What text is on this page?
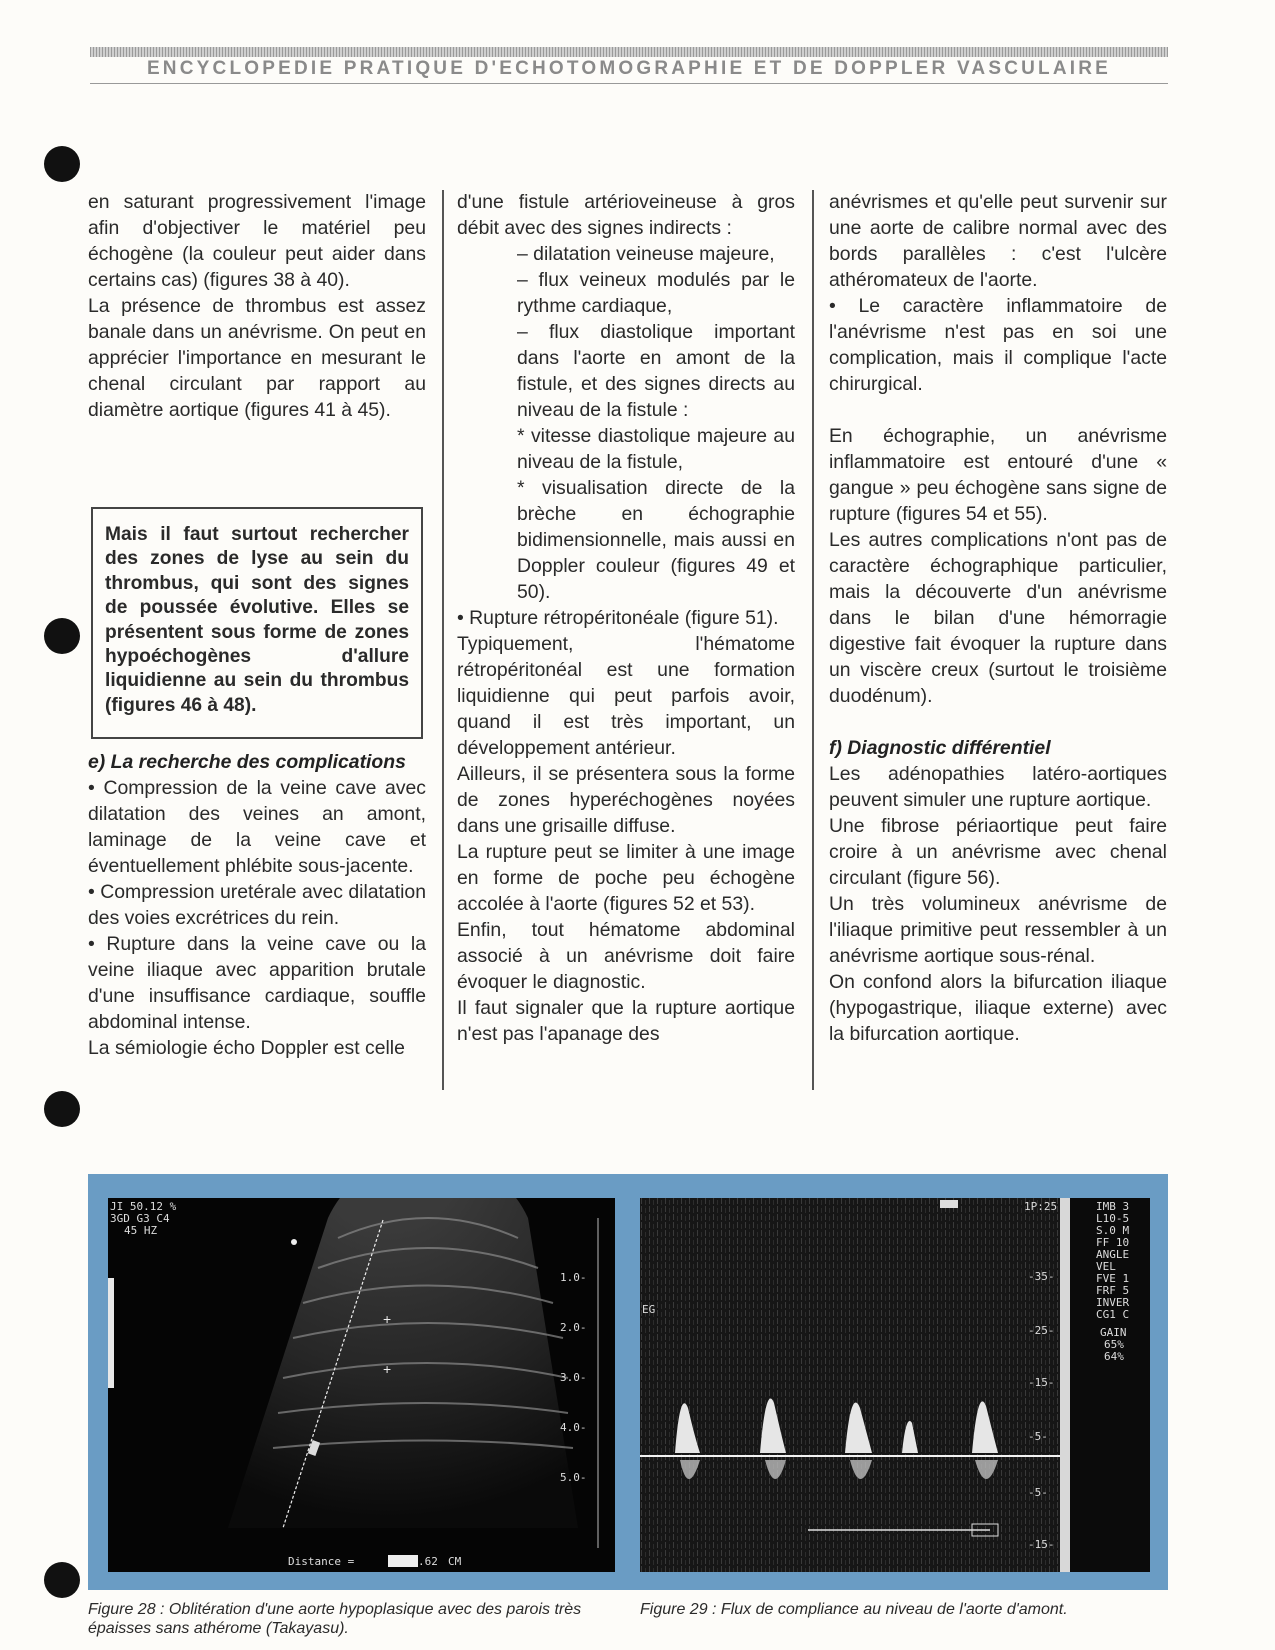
ENCYCLOPEDIE PRATIQUE D'ECHOTOMOGRAPHIE ET DE DOPPLER VASCULAIRE

en saturant progressivement l'image afin d'objectiver le matériel peu échogène (la couleur peut aider dans certains cas) (figures 38 à 40).

La présence de thrombus est assez banale dans un anévrisme. On peut en apprécier l'importance en mesurant le chenal circulant par rapport au diamètre aortique (figures 41 à 45).

e) La recherche des complications

• Compression de la veine cave avec dilatation des veines an amont, laminage de la veine cave et éventuellement phlébite sous-jacente.

• Compression uretérale avec dilatation des voies excrétrices du rein.

• Rupture dans la veine cave ou la veine iliaque avec apparition brutale d'une insuffisance cardiaque, souffle abdominal intense.

La sémiologie écho Doppler est celle

Mais il faut surtout rechercher des zones de lyse au sein du thrombus, qui sont des signes de poussée évolutive. Elles se présentent sous forme de zones hypoéchogènes d'allure liquidienne au sein du thrombus (figures 46 à 48).

d'une fistule artérioveineuse à gros débit avec des signes indirects :

– dilatation veineuse majeure,

– flux veineux modulés par le rythme cardiaque,

– flux diastolique important dans l'aorte en amont de la fistule, et des signes directs au niveau de la fistule :

* vitesse diastolique majeure au niveau de la fistule,

* visualisation directe de la brèche en échographie bidimensionnelle, mais aussi en Doppler couleur (figures 49 et 50).

• Rupture rétropéritonéale (figure 51).

Typiquement, l'hématome rétropéritonéal est une formation liquidienne qui peut parfois avoir, quand il est très important, un développement antérieur.

Ailleurs, il se présentera sous la forme de zones hyperéchogènes noyées dans une grisaille diffuse.

La rupture peut se limiter à une image en forme de poche peu échogène accolée à l'aorte (figures 52 et 53).

Enfin, tout hématome abdominal associé à un anévrisme doit faire évoquer le diagnostic.

Il faut signaler que la rupture aortique n'est pas l'apanage des

anévrismes et qu'elle peut survenir sur une aorte de calibre normal avec des bords parallèles : c'est l'ulcère athéromateux de l'aorte.

• Le caractère inflammatoire de l'anévrisme n'est pas en soi une complication, mais il complique l'acte chirurgical.

En échographie, un anévrisme inflammatoire est entouré d'une « gangue » peu échogène sans signe de rupture (figures 54 et 55).

Les autres complications n'ont pas de caractère échographique particulier, mais la découverte d'un anévrisme dans le bilan d'une hémorragie digestive fait évoquer la rupture dans un viscère creux (surtout le troisième duodénum).

f) Diagnostic différentiel

Les adénopathies latéro-aortiques peuvent simuler une rupture aortique.

Une fibrose périaortique peut faire croire à un anévrisme avec chenal circulant (figure 56).

Un très volumineux anévrisme de l'iliaque primitive peut ressembler à un anévrisme aortique sous-rénal.

On confond alors la bifurcation iliaque (hypogastrique, iliaque externe) avec la bifurcation aortique.

+
+
JI 50.12 %
3GD G3 C4
45 HZ
1.0-
2.0-
3.0-
4.0-
5.0-
Distance =	.62 CM
EG
1P:25
-35-
-25-
-15-
-5-
-5-
-15-
IMB 3
L10-5
S.0 M
FF 10
ANGLE
VEL
FVE 1
FRF 5
INVER
CG1 C
GAIN
65%
64%
Figure 28 : Oblitération d'une aorte hypoplasique avec des parois très épaisses sans athérome (Takayasu).
Figure 29 : Flux de compliance au niveau de l'aorte d'amont.
